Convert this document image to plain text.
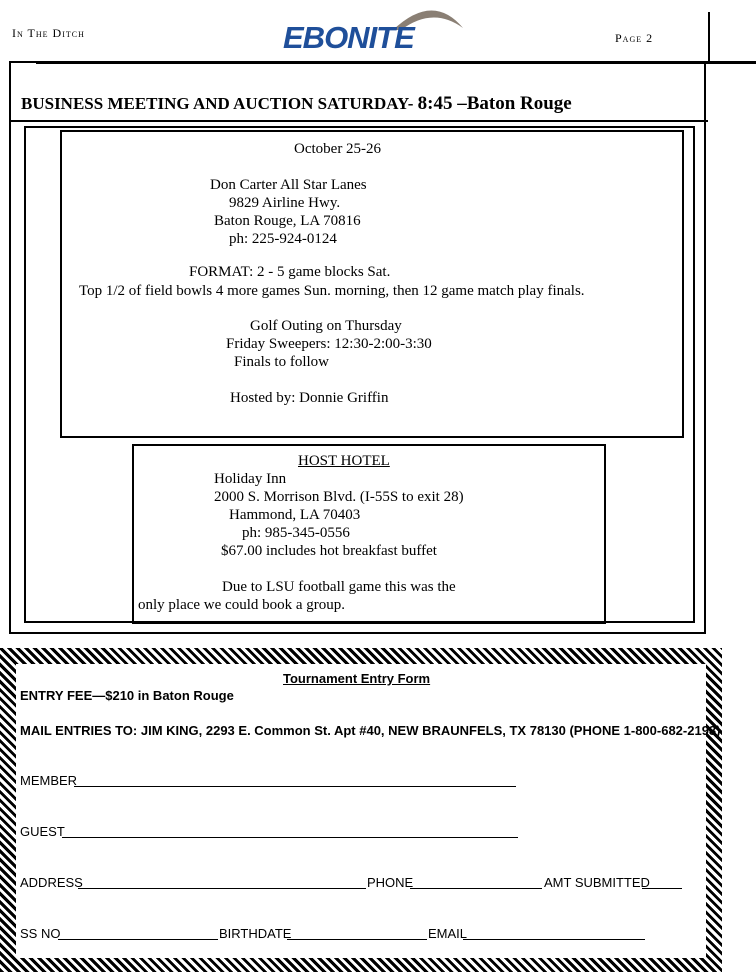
In The Ditch	EBONITE	Page 2
BUSINESS MEETING AND AUCTION SATURDAY- 8:45 –Baton Rouge
October 25-26
Don Carter All Star Lanes
9829 Airline Hwy.
Baton Rouge, LA 70816
ph: 225-924-0124
FORMAT: 2 - 5 game blocks Sat.
Top 1/2 of field bowls 4 more games Sun. morning, then 12 game match play finals.
Golf Outing on Thursday
Friday Sweepers: 12:30-2:00-3:30
Finals to follow
Hosted by: Donnie Griffin
HOST HOTEL
Holiday Inn
2000 S. Morrison Blvd. (I-55S to exit 28)
Hammond, LA 70403
ph: 985-345-0556
$67.00 includes hot breakfast buffet
Due to LSU football game this was the
only place we could book a group.
Tournament Entry Form
ENTRY FEE—$210 in Baton Rouge
MAIL ENTRIES TO: JIM KING, 2293 E. Common St. Apt #40, NEW BRAUNFELS, TX 78130 (PHONE 1-800-682-2198)
MEMBER
GUEST
ADDRESS	PHONE	AMT SUBMITTED
SS NO	BIRTHDATE	EMAIL
